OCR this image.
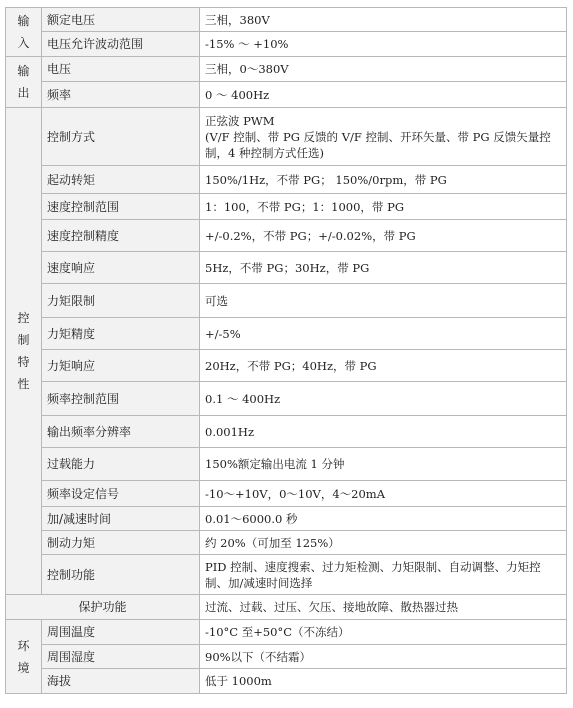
输入	额定电压	三相，380V
	电压允许波动范围	-15% ～ +10%
输出	电压	三相，0～380V
	频率	0 ～ 400Hz
控制特性	控制方式	正弦波 PWM
(V/F 控制、带 PG 反馈的 V/F 控制、开环矢量、带 PG 反馈矢量控制，4 种控制方式任选)
	起动转矩	150%/1Hz，不带 PG； 150%/0rpm，带 PG
	速度控制范围	1：100，不带 PG；1：1000，带 PG
	速度控制精度	+/-0.2%，不带 PG；+/-0.02%，带 PG
	速度响应	5Hz，不带 PG；30Hz，带 PG
	力矩限制	可选
	力矩精度	+/-5%
	力矩响应	20Hz，不带 PG；40Hz，带 PG
	频率控制范围	0.1 ～ 400Hz
	输出频率分辨率	0.001Hz
	过载能力	150%额定输出电流 1 分钟
	频率设定信号	-10～+10V，0～10V，4～20mA
	加/减速时间	0.01～6000.0 秒
	制动力矩	约 20%（可加至 125%）
	控制功能	PID 控制、速度搜索、过力矩检测、力矩限制、自动调整、力矩控制、加/减速时间选择
保护功能		过流、过载、过压、欠压、接地故障、散热器过热
环境	周围温度	-10°C 至+50°C（不冻结）
	周围湿度	90%以下（不结霜）
	海拔	低于 1000m
